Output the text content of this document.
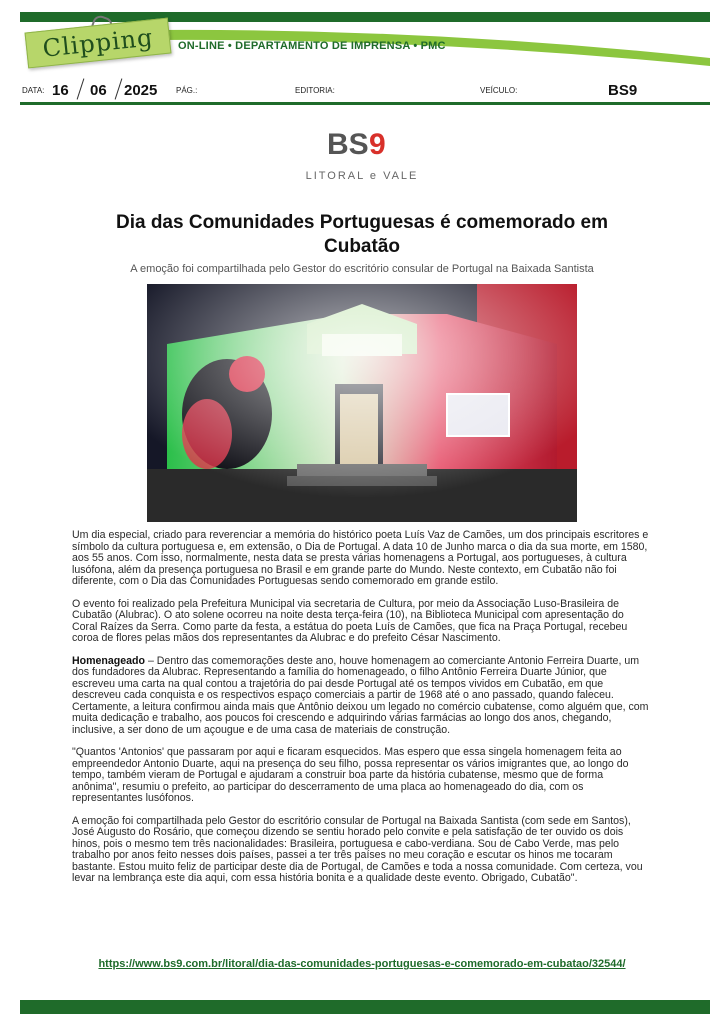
Clipping	ON-LINE • DEPARTAMENTO DE IMPRENSA • PMC
DATA: 16 06 2025 PÁG.:	EDITORIA:	VEÍCULO:	BS9
BS 9
LITORAL e VALE
Dia das Comunidades Portuguesas é comemorado em Cubatão
A emoção foi compartilhada pelo Gestor do escritório consular de Portugal na Baixada Santista

Um dia especial, criado para reverenciar a memória do histórico poeta Luís Vaz de Camões, um dos principais escritores e símbolo da cultura portuguesa e, em extensão, o Dia de Portugal. A data 10 de Junho marca o dia da sua morte, em 1580, aos 55 anos. Com isso, normalmente, nesta data se presta várias homenagens a Portugal, aos portugueses, à cultura lusófona, além da presença portuguesa no Brasil e em grande parte do Mundo. Neste contexto, em Cubatão não foi diferente, com o Dia das Comunidades Portuguesas sendo comemorado em grande estilo.

O evento foi realizado pela Prefeitura Municipal via secretaria de Cultura, por meio da Associação Luso-Brasileira de Cubatão (Alubrac). O ato solene ocorreu na noite desta terça-feira (10), na Biblioteca Municipal com apresentação do Coral Raízes da Serra. Como parte da festa, a estátua do poeta Luís de Camões, que fica na Praça Portugal, recebeu coroa de flores pelas mãos dos representantes da Alubrac e do prefeito César Nascimento.

Homenageado – Dentro das comemorações deste ano, houve homenagem ao comerciante Antonio Ferreira Duarte, um dos fundadores da Alubrac. Representando a família do homenageado, o filho Antônio Ferreira Duarte Júnior, que escreveu uma carta na qual contou a trajetória do pai desde Portugal até os tempos vividos em Cubatão, em que descreveu cada conquista e os respectivos espaço comerciais a partir de 1968 até o ano passado, quando faleceu. Certamente, a leitura confirmou ainda mais que Antônio deixou um legado no comércio cubatense, como alguém que, com muita dedicação e trabalho, aos poucos foi crescendo e adquirindo várias farmácias ao longo dos anos, chegando, inclusive, a ser dono de um açougue e de uma casa de materiais de construção.

"Quantos 'Antonios' que passaram por aqui e ficaram esquecidos. Mas espero que essa singela homenagem feita ao empreendedor Antonio Duarte, aqui na presença do seu filho, possa representar os vários imigrantes que, ao longo do tempo, também vieram de Portugal e ajudaram a construir boa parte da história cubatense, mesmo que de forma anônima", resumiu o prefeito, ao participar do descerramento de uma placa ao homenageado do dia, com os representantes lusófonos.

A emoção foi compartilhada pelo Gestor do escritório consular de Portugal na Baixada Santista (com sede em Santos), José Augusto do Rosário, que começou dizendo se sentiu horado pelo convite e pela satisfação de ter ouvido os dois hinos, pois o mesmo tem três nacionalidades: Brasileira, portuguesa e cabo-verdiana. Sou de Cabo Verde, mas pelo trabalho por anos feito nesses dois países, passei a ter três países no meu coração e escutar os hinos me tocaram bastante. Estou muito feliz de participar deste dia de Portugal, de Camões e toda a nossa comunidade. Com certeza, vou levar na lembrança este dia aqui, com essa história bonita e a qualidade deste evento. Obrigado, Cubatão".

https://www.bs9.com.br/litoral/dia-das-comunidades-portuguesas-e-comemorado-em-cubatao/32544/
